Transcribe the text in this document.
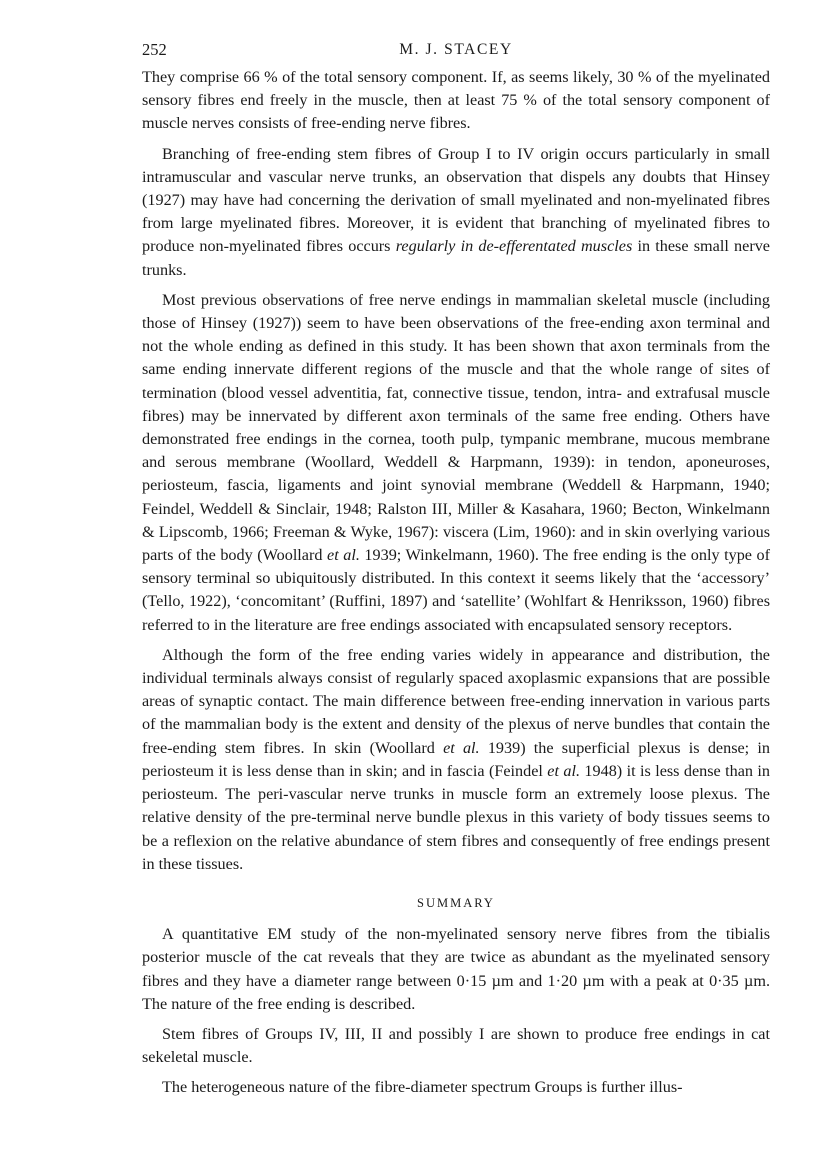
252	M. J. STACEY

They comprise 66 % of the total sensory component. If, as seems likely, 30 % of the myelinated sensory fibres end freely in the muscle, then at least 75 % of the total sensory component of muscle nerves consists of free-ending nerve fibres.

Branching of free-ending stem fibres of Group I to IV origin occurs particularly in small intramuscular and vascular nerve trunks, an observation that dispels any doubts that Hinsey (1927) may have had concerning the derivation of small myelinated and non-myelinated fibres from large myelinated fibres. Moreover, it is evident that branching of myelinated fibres to produce non-myelinated fibres occurs regularly in de-efferentated muscles in these small nerve trunks.

Most previous observations of free nerve endings in mammalian skeletal muscle (including those of Hinsey (1927)) seem to have been observations of the free-ending axon terminal and not the whole ending as defined in this study. It has been shown that axon terminals from the same ending innervate different regions of the muscle and that the whole range of sites of termination (blood vessel adventitia, fat, connective tissue, tendon, intra- and extrafusal muscle fibres) may be innervated by different axon terminals of the same free ending. Others have demonstrated free endings in the cornea, tooth pulp, tympanic membrane, mucous membrane and serous membrane (Woollard, Weddell & Harpmann, 1939): in tendon, aponeuroses, periosteum, fascia, ligaments and joint synovial membrane (Weddell & Harpmann, 1940; Feindel, Weddell & Sinclair, 1948; Ralston III, Miller & Kasahara, 1960; Becton, Winkelmann & Lipscomb, 1966; Freeman & Wyke, 1967): viscera (Lim, 1960): and in skin overlying various parts of the body (Woollard et al. 1939; Winkelmann, 1960). The free ending is the only type of sensory terminal so ubiquitously distributed. In this context it seems likely that the ‘accessory’ (Tello, 1922), ‘concomitant’ (Ruffini, 1897) and ‘satellite’ (Wohlfart & Henriksson, 1960) fibres referred to in the literature are free endings associated with encapsulated sensory receptors.

Although the form of the free ending varies widely in appearance and distribution, the individual terminals always consist of regularly spaced axoplasmic expansions that are possible areas of synaptic contact. The main difference between free-ending innervation in various parts of the mammalian body is the extent and density of the plexus of nerve bundles that contain the free-ending stem fibres. In skin (Woollard et al. 1939) the superficial plexus is dense; in periosteum it is less dense than in skin; and in fascia (Feindel et al. 1948) it is less dense than in periosteum. The peri-vascular nerve trunks in muscle form an extremely loose plexus. The relative density of the pre-terminal nerve bundle plexus in this variety of body tissues seems to be a reflexion on the relative abundance of stem fibres and consequently of free endings present in these tissues.

SUMMARY

A quantitative EM study of the non-myelinated sensory nerve fibres from the tibialis posterior muscle of the cat reveals that they are twice as abundant as the myelinated sensory fibres and they have a diameter range between 0·15 µm and 1·20 µm with a peak at 0·35 µm. The nature of the free ending is described.

Stem fibres of Groups IV, III, II and possibly I are shown to produce free endings in cat sekeletal muscle.

The heterogeneous nature of the fibre-diameter spectrum Groups is further illus-
